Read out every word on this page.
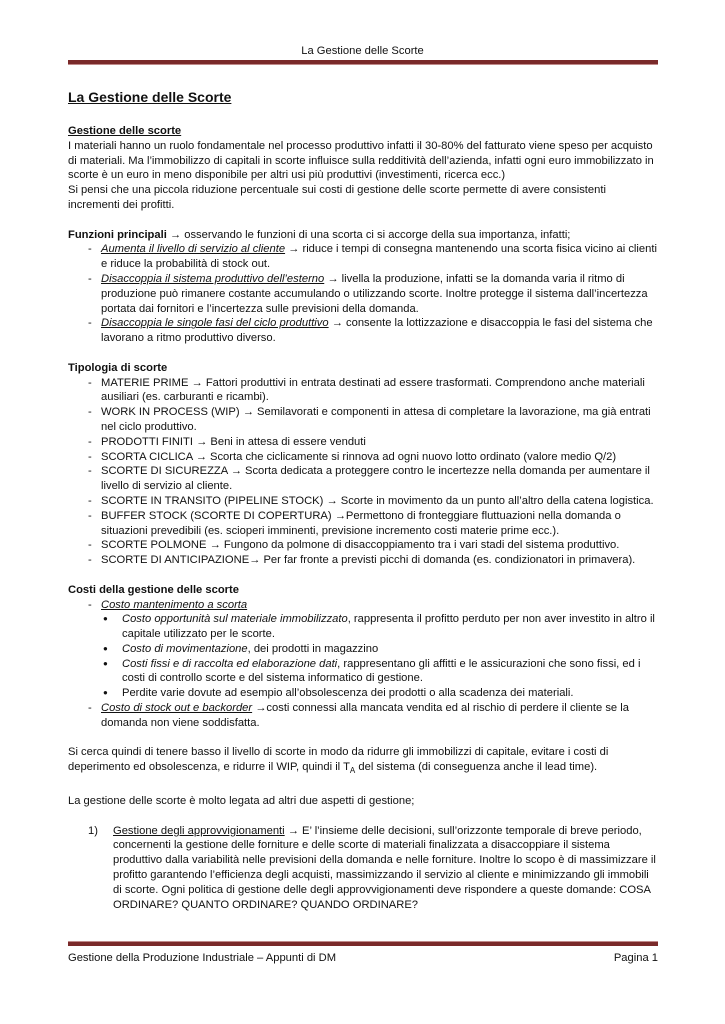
La Gestione delle Scorte
La Gestione delle Scorte
Gestione delle scorte

I materiali hanno un ruolo fondamentale nel processo produttivo infatti il 30-80% del fatturato viene speso per acquisto di materiali. Ma l’immobilizzo di capitali in scorte influisce sulla redditività dell’azienda, infatti ogni euro immobilizzato in scorte è un euro in meno disponibile per altri usi più produttivi (investimenti, ricerca ecc.)

Si pensi che una piccola riduzione percentuale sui costi di gestione delle scorte permette di avere consistenti incrementi dei profitti.

Funzioni principali → osservando le funzioni di una scorta ci si accorge della sua importanza, infatti;

- Aumenta il livello di servizio al cliente → riduce i tempi di consegna mantenendo una scorta fisica vicino ai clienti e riduce la probabilità di stock out.
- Disaccoppia il sistema produttivo dell’esterno → livella la produzione, infatti se la domanda varia il ritmo di produzione può rimanere costante accumulando o utilizzando scorte. Inoltre protegge il sistema dall’incertezza portata dai fornitori e l’incertezza sulle previsioni della domanda.
- Disaccoppia le singole fasi del ciclo produttivo → consente la lottizzazione e disaccoppia le fasi del sistema che lavorano a ritmo produttivo diverso.
Tipologia di scorte
- MATERIE PRIME → Fattori produttivi in entrata destinati ad essere trasformati. Comprendono anche materiali ausiliari (es. carburanti e ricambi).
- WORK IN PROCESS (WIP) → Semilavorati e componenti in attesa di completare la lavorazione, ma già entrati nel ciclo produttivo.
- PRODOTTI FINITI → Beni in attesa di essere venduti
- SCORTA CICLICA → Scorta che ciclicamente si rinnova ad ogni nuovo lotto ordinato (valore medio Q/2)
- SCORTE DI SICUREZZA → Scorta dedicata a proteggere contro le incertezze nella domanda per aumentare il livello di servizio al cliente.
- SCORTE IN TRANSITO (PIPELINE STOCK) → Scorte in movimento da un punto all’altro della catena logistica.
- BUFFER STOCK (SCORTE DI COPERTURA) →Permettono di fronteggiare fluttuazioni nella domanda o situazioni prevedibili (es. scioperi imminenti, previsione incremento costi materie prime ecc.).
- SCORTE POLMONE → Fungono da polmone di disaccoppiamento tra i vari stadi del sistema produttivo.
- SCORTE DI ANTICIPAZIONE→ Per far fronte a previsti picchi di domanda (es. condizionatori in primavera).
Costi della gestione delle scorte
- Costo mantenimento a scorta
● Costo opportunità sul materiale immobilizzato, rappresenta il profitto perduto per non aver investito in altro il capitale utilizzato per le scorte.
● Costo di movimentazione, dei prodotti in magazzino
● Costi fissi e di raccolta ed elaborazione dati, rappresentano gli affitti e le assicurazioni che sono fissi, ed i costi di controllo scorte e del sistema informatico di gestione.
● Perdite varie dovute ad esempio all’obsolescenza dei prodotti o alla scadenza dei materiali.
- Costo di stock out e backorder →costi connessi alla mancata vendita ed al rischio di perdere il cliente se la domanda non viene soddisfatta.

Si cerca quindi di tenere basso il livello di scorte in modo da ridurre gli immobilizzi di capitale, evitare i costi di deperimento ed obsolescenza, e ridurre il WIP, quindi il $T_A$ del sistema (di conseguenza anche il lead time).

La gestione delle scorte è molto legata ad altri due aspetti di gestione;

1) Gestione degli approvvigionamenti → E’ l’insieme delle decisioni, sull’orizzonte temporale di breve periodo, concernenti la gestione delle forniture e delle scorte di materiali finalizzata a disaccoppiare il sistema produttivo dalla variabilità nelle previsioni della domanda e nelle forniture. Inoltre lo scopo è di massimizzare il profitto garantendo l’efficienza degli acquisti, massimizzando il servizio al cliente e minimizzando gli immobili di scorte. Ogni politica di gestione delle degli approvvigionamenti deve rispondere a queste domande: COSA ORDINARE? QUANTO ORDINARE? QUANDO ORDINARE?
Gestione della Produzione Industriale – Appunti di DM	Pagina 1
